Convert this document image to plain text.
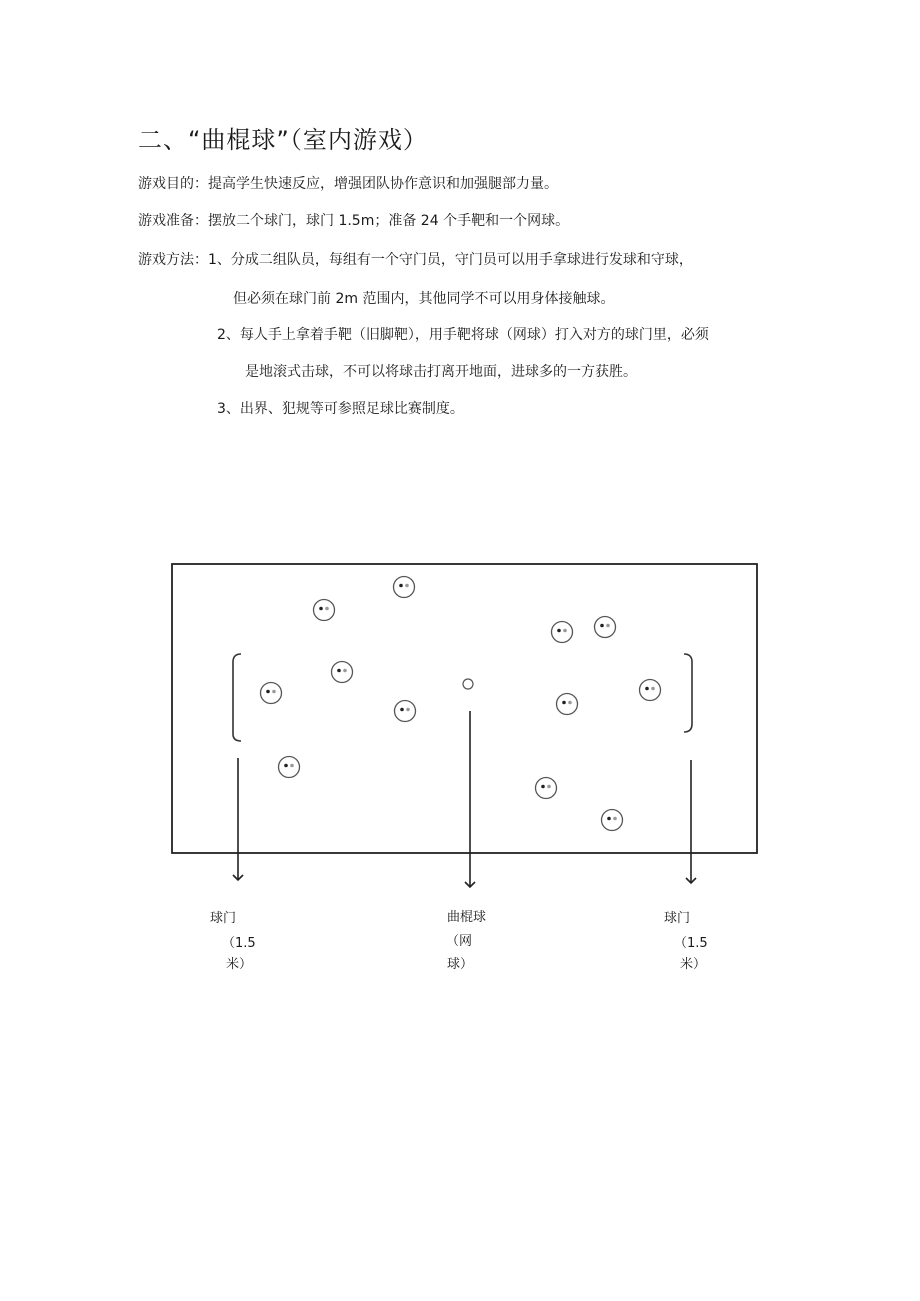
二、“曲棍球”（室内游戏）
游戏目的：提高学生快速反应，增强团队协作意识和加强腿部力量。
游戏准备：摆放二个球门，球门 1.5m；准备 24 个手靶和一个网球。
游戏方法：1、分成二组队员，每组有一个守门员，守门员可以用手拿球进行发球和守球，
但必须在球门前 2m 范围内，其他同学不可以用身体接触球。
2、每人手上拿着手靶（旧脚靶），用手靶将球（网球）打入对方的球门里，必须
是地滚式击球，不可以将球击打离开地面，进球多的一方获胜。
3、出界、犯规等可参照足球比赛制度。
球门
（1.5
米）
曲棍球
（网
球）
球门
（1.5
米）
